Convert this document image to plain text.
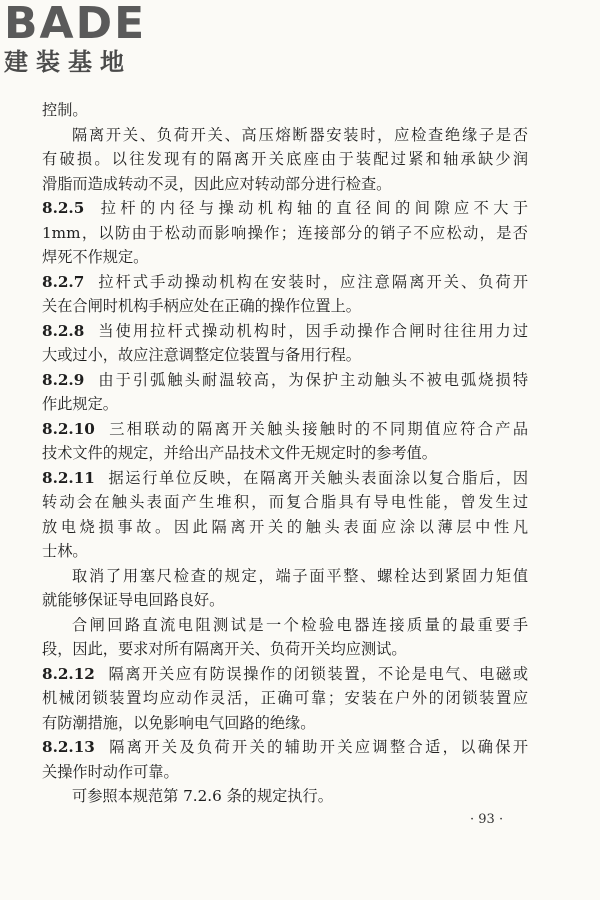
BADE
建装基地
控制。
隔离开关、负荷开关、高压熔断器安装时，应检查绝缘子是否
有破损。以往发现有的隔离开关底座由于装配过紧和轴承缺少润
滑脂而造成转动不灵，因此应对转动部分进行检查。
8.2.5 拉杆的内径与操动机构轴的直径间的间隙应不大于
1mm，以防由于松动而影响操作；连接部分的销子不应松动，是否
焊死不作规定。
8.2.7 拉杆式手动操动机构在安装时，应注意隔离开关、负荷开
关在合闸时机构手柄应处在正确的操作位置上。
8.2.8 当使用拉杆式操动机构时，因手动操作合闸时往往用力过
大或过小，故应注意调整定位装置与备用行程。
8.2.9 由于引弧触头耐温较高，为保护主动触头不被电弧烧损特
作此规定。
8.2.10 三相联动的隔离开关触头接触时的不同期值应符合产品
技术文件的规定，并给出产品技术文件无规定时的参考值。
8.2.11 据运行单位反映，在隔离开关触头表面涂以复合脂后，因
转动会在触头表面产生堆积，而复合脂具有导电性能，曾发生过
放电烧损事故。因此隔离开关的触头表面应涂以薄层中性凡
士林。
取消了用塞尺检查的规定，端子面平整、螺栓达到紧固力矩值
就能够保证导电回路良好。
合闸回路直流电阻测试是一个检验电器连接质量的最重要手
段，因此，要求对所有隔离开关、负荷开关均应测试。
8.2.12 隔离开关应有防误操作的闭锁装置，不论是电气、电磁或
机械闭锁装置均应动作灵活，正确可靠；安装在户外的闭锁装置应
有防潮措施，以免影响电气回路的绝缘。
8.2.13 隔离开关及负荷开关的辅助开关应调整合适，以确保开
关操作时动作可靠。
可参照本规范第 7.2.6 条的规定执行。
· 93 ·
